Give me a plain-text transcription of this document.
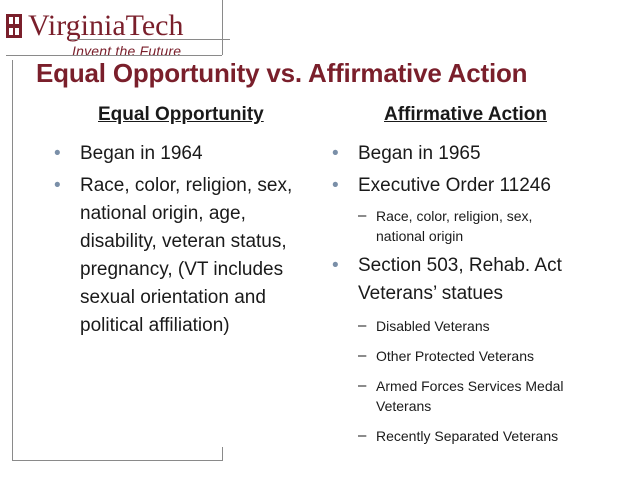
VirginiaTech
Invent the Future
Equal Opportunity vs. Affirmative Action
Equal Opportunity	Affirmative Action
• Began in 1964
• Race, color, religion, sex, national origin, age, disability, veteran status, pregnancy, (VT includes sexual orientation and political affiliation)
• Began in 1965
• Executive Order 11246
– Race, color, religion, sex, national origin
• Section 503, Rehab. Act
Veterans’ statues
– Disabled Veterans
– Other Protected Veterans
– Armed Forces Services Medal Veterans
– Recently Separated Veterans
